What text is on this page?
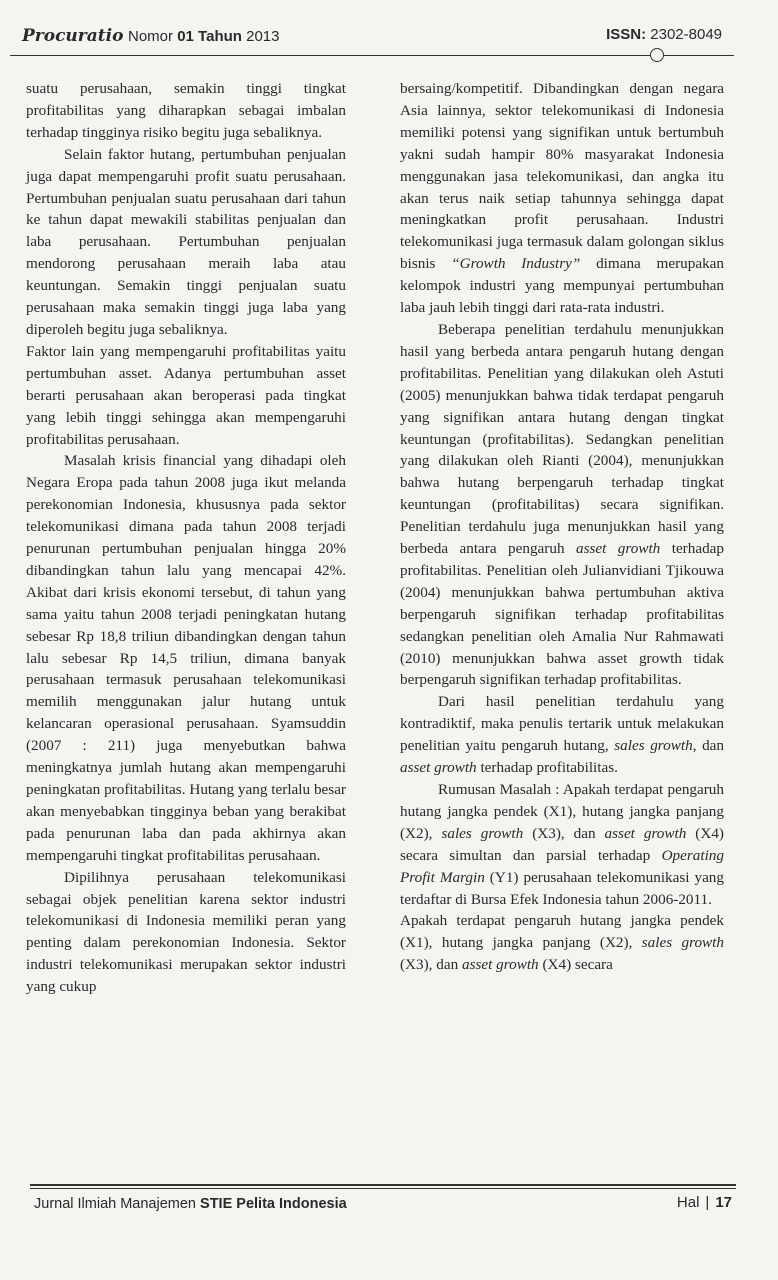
Procuratio Nomor 01 Tahun 2013	ISSN: 2302-8049

suatu perusahaan, semakin tinggi tingkat profitabilitas yang diharapkan sebagai imbalan terhadap tingginya risiko begitu juga sebaliknya.

Selain faktor hutang, pertumbuhan penjualan juga dapat mempengaruhi profit suatu perusahaan. Pertumbuhan penjualan suatu perusahaan dari tahun ke tahun dapat mewakili stabilitas penjualan dan laba perusahaan. Pertumbuhan penjualan mendorong perusahaan meraih laba atau keuntungan. Semakin tinggi penjualan suatu perusahaan maka semakin tinggi juga laba yang diperoleh begitu juga sebaliknya.

Faktor lain yang mempengaruhi profitabilitas yaitu pertumbuhan asset. Adanya pertumbuhan asset berarti perusahaan akan beroperasi pada tingkat yang lebih tinggi sehingga akan mempengaruhi profitabilitas perusahaan.

Masalah krisis financial yang dihadapi oleh Negara Eropa pada tahun 2008 juga ikut melanda perekonomian Indonesia, khususnya pada sektor telekomunikasi dimana pada tahun 2008 terjadi penurunan pertumbuhan penjualan hingga 20% dibandingkan tahun lalu yang mencapai 42%. Akibat dari krisis ekonomi tersebut, di tahun yang sama yaitu tahun 2008 terjadi peningkatan hutang sebesar Rp 18,8 triliun dibandingkan dengan tahun lalu sebesar Rp 14,5 triliun, dimana banyak perusahaan termasuk perusahaan telekomunikasi memilih menggunakan jalur hutang untuk kelancaran operasional perusahaan. Syamsuddin (2007 : 211) juga menyebutkan bahwa meningkatnya jumlah hutang akan mempengaruhi peningkatan profitabilitas. Hutang yang terlalu besar akan menyebabkan tingginya beban yang berakibat pada penurunan laba dan pada akhirnya akan mempengaruhi tingkat profitabilitas perusahaan.

Dipilihnya perusahaan telekomunikasi sebagai objek penelitian karena sektor industri telekomunikasi di Indonesia memiliki peran yang penting dalam perekonomian Indonesia. Sektor industri telekomunikasi merupakan sektor industri yang cukup

bersaing/kompetitif. Dibandingkan dengan negara Asia lainnya, sektor telekomunikasi di Indonesia memiliki potensi yang signifikan untuk bertumbuh yakni sudah hampir 80% masyarakat Indonesia menggunakan jasa telekomunikasi, dan angka itu akan terus naik setiap tahunnya sehingga dapat meningkatkan profit perusahaan. Industri telekomunikasi juga termasuk dalam golongan siklus bisnis “Growth Industry” dimana merupakan kelompok industri yang mempunyai pertumbuhan laba jauh lebih tinggi dari rata-rata industri.

Beberapa penelitian terdahulu menunjukkan hasil yang berbeda antara pengaruh hutang dengan profitabilitas. Penelitian yang dilakukan oleh Astuti (2005) menunjukkan bahwa tidak terdapat pengaruh yang signifikan antara hutang dengan tingkat keuntungan (profitabilitas). Sedangkan penelitian yang dilakukan oleh Rianti (2004), menunjukkan bahwa hutang berpengaruh terhadap tingkat keuntungan (profitabilitas) secara signifikan. Penelitian terdahulu juga menunjukkan hasil yang berbeda antara pengaruh asset growth terhadap profitabilitas. Penelitian oleh Julianvidiani Tjikouwa (2004) menunjukkan bahwa pertumbuhan aktiva berpengaruh signifikan terhadap profitabilitas sedangkan penelitian oleh Amalia Nur Rahmawati (2010) menunjukkan bahwa asset growth tidak berpengaruh signifikan terhadap profitabilitas.

Dari hasil penelitian terdahulu yang kontradiktif, maka penulis tertarik untuk melakukan penelitian yaitu pengaruh hutang, sales growth, dan asset growth terhadap profitabilitas.

Rumusan Masalah : Apakah terdapat pengaruh hutang jangka pendek (X1), hutang jangka panjang (X2), sales growth (X3), dan asset growth (X4) secara simultan dan parsial terhadap Operating Profit Margin (Y1) perusahaan telekomunikasi yang terdaftar di Bursa Efek Indonesia tahun 2006-2011.

Apakah terdapat pengaruh hutang jangka pendek (X1), hutang jangka panjang (X2), sales growth (X3), dan asset growth (X4) secara

Jurnal Ilmiah Manajemen STIE Pelita Indonesia	Hal | 17
